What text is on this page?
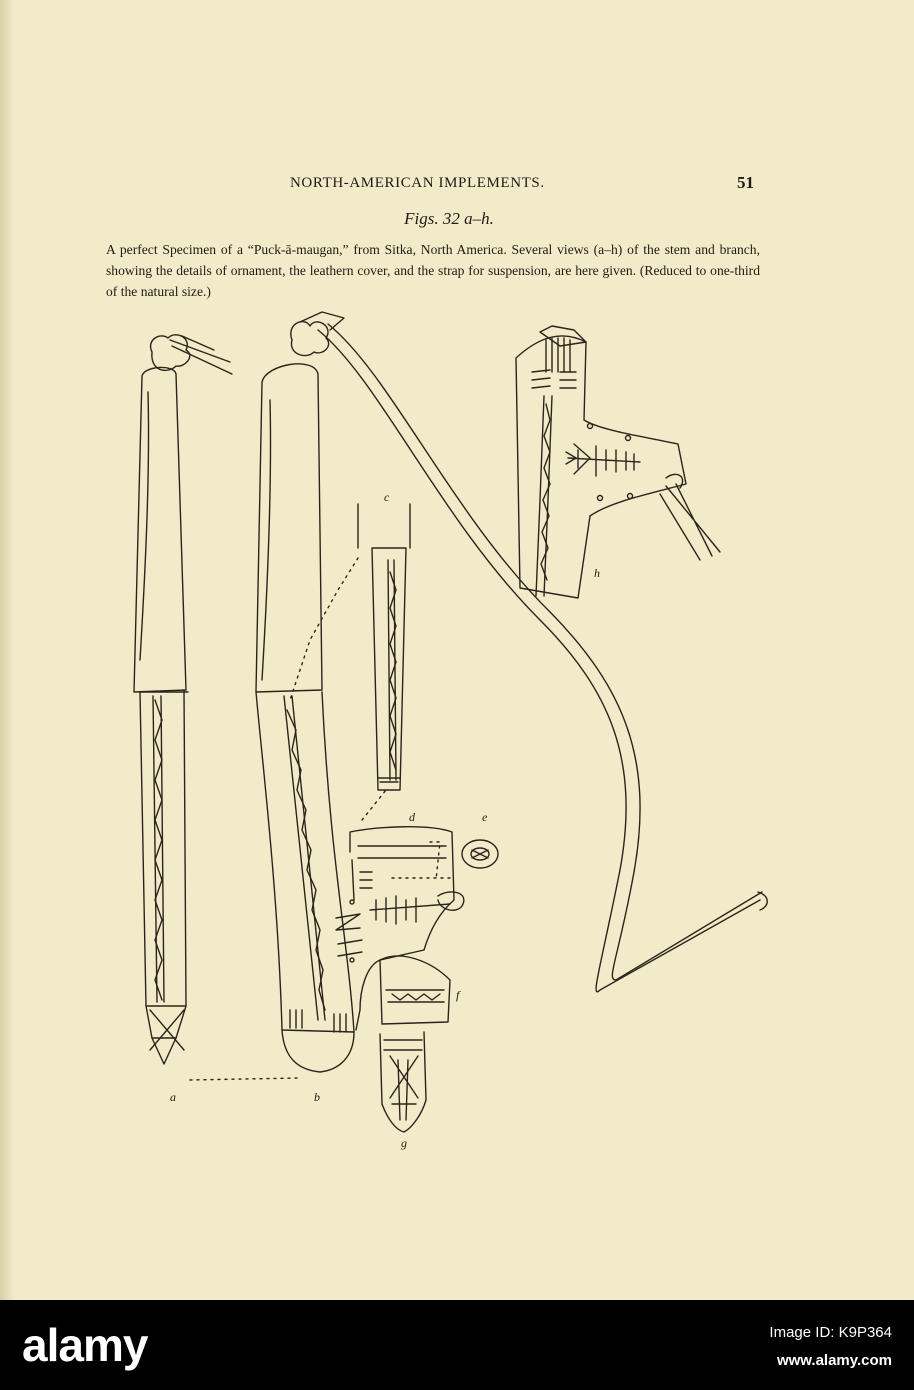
NORTH-AMERICAN IMPLEMENTS.	51
Figs. 32 a–h.
A perfect Specimen of a “Puck-ā-maugan,” from Sitka, North America. Several views (a–h) of the stem and branch, showing the details of ornament, the leathern cover, and the strap for suspension, are here given. (Reduced to one-third of the natural size.)
a	b
c
d	e
f
g
h
alamy	Image ID: K9P364
www.alamy.com
